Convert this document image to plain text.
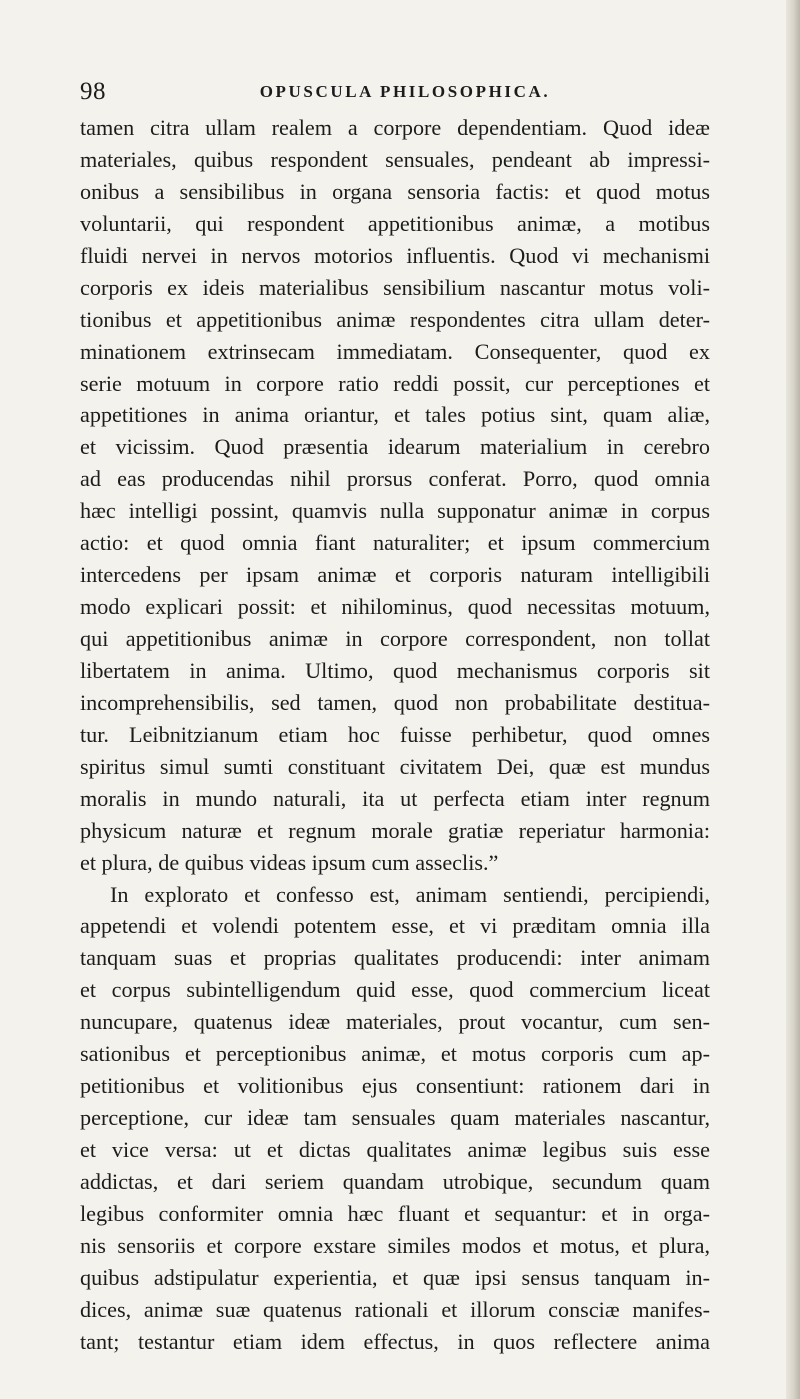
98	OPUSCULA PHILOSOPHICA.
tamen citra ullam realem a corpore dependentiam. Quod ideæ
materiales, quibus respondent sensuales, pendeant ab impressi-
onibus a sensibilibus in organa sensoria factis: et quod motus
voluntarii, qui respondent appetitionibus animæ, a motibus
fluidi nervei in nervos motorios influentis. Quod vi mechanismi
corporis ex ideis materialibus sensibilium nascantur motus voli-
tionibus et appetitionibus animæ respondentes citra ullam deter-
minationem extrinsecam immediatam. Consequenter, quod ex
serie motuum in corpore ratio reddi possit, cur perceptiones et
appetitiones in anima oriantur, et tales potius sint, quam aliæ,
et vicissim. Quod præsentia idearum materialium in cerebro
ad eas producendas nihil prorsus conferat. Porro, quod omnia
hæc intelligi possint, quamvis nulla supponatur animæ in corpus
actio: et quod omnia fiant naturaliter; et ipsum commercium
intercedens per ipsam animæ et corporis naturam intelligibili
modo explicari possit: et nihilominus, quod necessitas motuum,
qui appetitionibus animæ in corpore correspondent, non tollat
libertatem in anima. Ultimo, quod mechanismus corporis sit
incomprehensibilis, sed tamen, quod non probabilitate destitua-
tur. Leibnitzianum etiam hoc fuisse perhibetur, quod omnes
spiritus simul sumti constituant civitatem Dei, quæ est mundus
moralis in mundo naturali, ita ut perfecta etiam inter regnum
physicum naturæ et regnum morale gratiæ reperiatur harmonia:
et plura, de quibus videas ipsum cum asseclis.”
In explorato et confesso est, animam sentiendi, percipiendi,
appetendi et volendi potentem esse, et vi præditam omnia illa
tanquam suas et proprias qualitates producendi: inter animam
et corpus subintelligendum quid esse, quod commercium liceat
nuncupare, quatenus ideæ materiales, prout vocantur, cum sen-
sationibus et perceptionibus animæ, et motus corporis cum ap-
petitionibus et volitionibus ejus consentiunt: rationem dari in
perceptione, cur ideæ tam sensuales quam materiales nascantur,
et vice versa: ut et dictas qualitates animæ legibus suis esse
addictas, et dari seriem quandam utrobique, secundum quam
legibus conformiter omnia hæc fluant et sequantur: et in orga-
nis sensoriis et corpore exstare similes modos et motus, et plura,
quibus adstipulatur experientia, et quæ ipsi sensus tanquam in-
dices, animæ suæ quatenus rationali et illorum consciæ manifes-
tant; testantur etiam idem effectus, in quos reflectere anima
